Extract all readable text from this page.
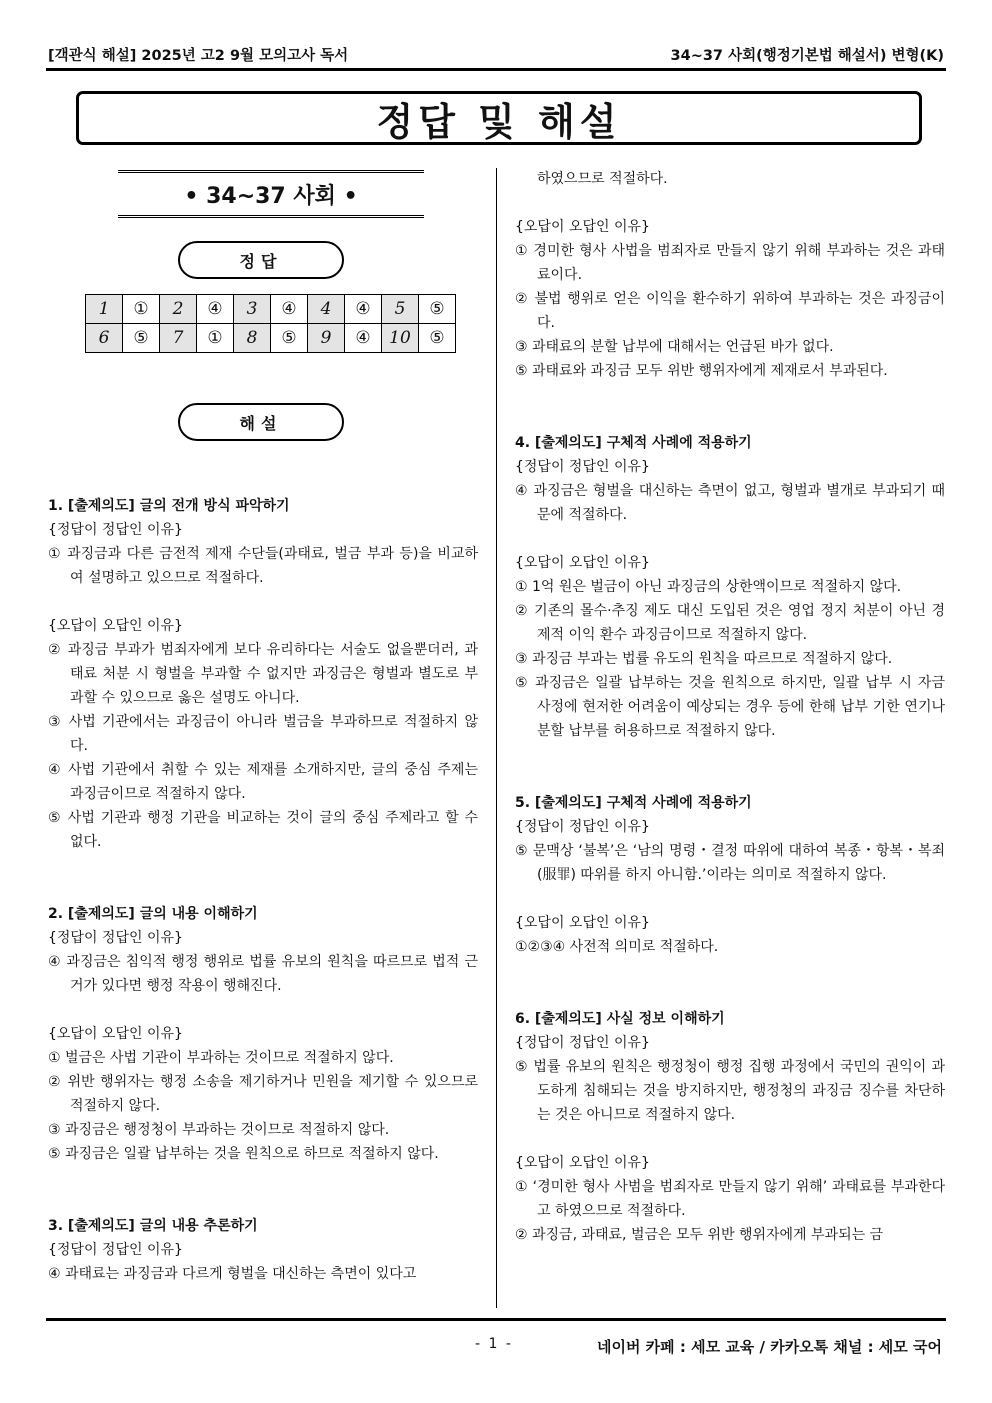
[객관식 해설] 2025년 고2 9월 모의고사 독서	34~37 사회(행정기본법 해설서) 변형(K)
정답 및 해설
• 34~37 사회 •
정답
1	①	2	④	3	④	4	④	5	⑤
6	⑤	7	①	8	⑤	9	④	10	⑤
해설
1. [출제의도] 글의 전개 방식 파악하기
{정답이 정답인 이유}
① 과징금과 다른 금전적 제재 수단들(과태료, 벌금 부과 등)을 비교하여 설명하고 있으므로 적절하다.
{오답이 오답인 이유}
② 과징금 부과가 범죄자에게 보다 유리하다는 서술도 없을뿐더러, 과태료 처분 시 형벌을 부과할 수 없지만 과징금은 형벌과 별도로 부과할 수 있으므로 옳은 설명도 아니다.
③ 사법 기관에서는 과징금이 아니라 벌금을 부과하므로 적절하지 않다.
④ 사법 기관에서 취할 수 있는 제재를 소개하지만, 글의 중심 주제는 과징금이므로 적절하지 않다.
⑤ 사법 기관과 행정 기관을 비교하는 것이 글의 중심 주제라고 할 수 없다.
2. [출제의도] 글의 내용 이해하기
{정답이 정답인 이유}
④ 과징금은 침익적 행정 행위로 법률 유보의 원칙을 따르므로 법적 근거가 있다면 행정 작용이 행해진다.
{오답이 오답인 이유}
① 벌금은 사법 기관이 부과하는 것이므로 적절하지 않다.
② 위반 행위자는 행정 소송을 제기하거나 민원을 제기할 수 있으므로 적절하지 않다.
③ 과징금은 행정청이 부과하는 것이므로 적절하지 않다.
⑤ 과징금은 일괄 납부하는 것을 원칙으로 하므로 적절하지 않다.
3. [출제의도] 글의 내용 추론하기
{정답이 정답인 이유}
④ 과태료는 과징금과 다르게 형벌을 대신하는 측면이 있다고
하였으므로 적절하다.
{오답이 오답인 이유}
① 경미한 형사 사법을 범죄자로 만들지 않기 위해 부과하는 것은 과태료이다.
② 불법 행위로 얻은 이익을 환수하기 위하여 부과하는 것은 과징금이다.
③ 과태료의 분할 납부에 대해서는 언급된 바가 없다.
⑤ 과태료와 과징금 모두 위반 행위자에게 제재로서 부과된다.
4. [출제의도] 구체적 사례에 적용하기
{정답이 정답인 이유}
④ 과징금은 형벌을 대신하는 측면이 없고, 형벌과 별개로 부과되기 때문에 적절하다.
{오답이 오답인 이유}
① 1억 원은 벌금이 아닌 과징금의 상한액이므로 적절하지 않다.
② 기존의 몰수·추징 제도 대신 도입된 것은 영업 정지 처분이 아닌 경제적 이익 환수 과징금이므로 적절하지 않다.
③ 과징금 부과는 법률 유도의 원칙을 따르므로 적절하지 않다.
⑤ 과징금은 일괄 납부하는 것을 원칙으로 하지만, 일괄 납부 시 자금 사정에 현저한 어려움이 예상되는 경우 등에 한해 납부 기한 연기나 분할 납부를 허용하므로 적절하지 않다.
5. [출제의도] 구체적 사례에 적용하기
{정답이 정답인 이유}
⑤ 문맥상 ‘불복’은 ‘남의 명령・결정 따위에 대하여 복종・항복・복죄(服罪) 따위를 하지 아니함.’이라는 의미로 적절하지 않다.
{오답이 오답인 이유}
①②③④ 사전적 의미로 적절하다.
6. [출제의도] 사실 정보 이해하기
{정답이 정답인 이유}
⑤ 법률 유보의 원칙은 행정청이 행정 집행 과정에서 국민의 권익이 과도하게 침해되는 것을 방지하지만, 행정청의 과징금 징수를 차단하는 것은 아니므로 적절하지 않다.
{오답이 오답인 이유}
① ‘경미한 형사 사범을 범죄자로 만들지 않기 위해’ 과태료를 부과한다고 하였으므로 적절하다.
② 과징금, 과태료, 벌금은 모두 위반 행위자에게 부과되는 금
- 1 -	네이버 카페 : 세모 교육 / 카카오톡 채널 : 세모 국어
